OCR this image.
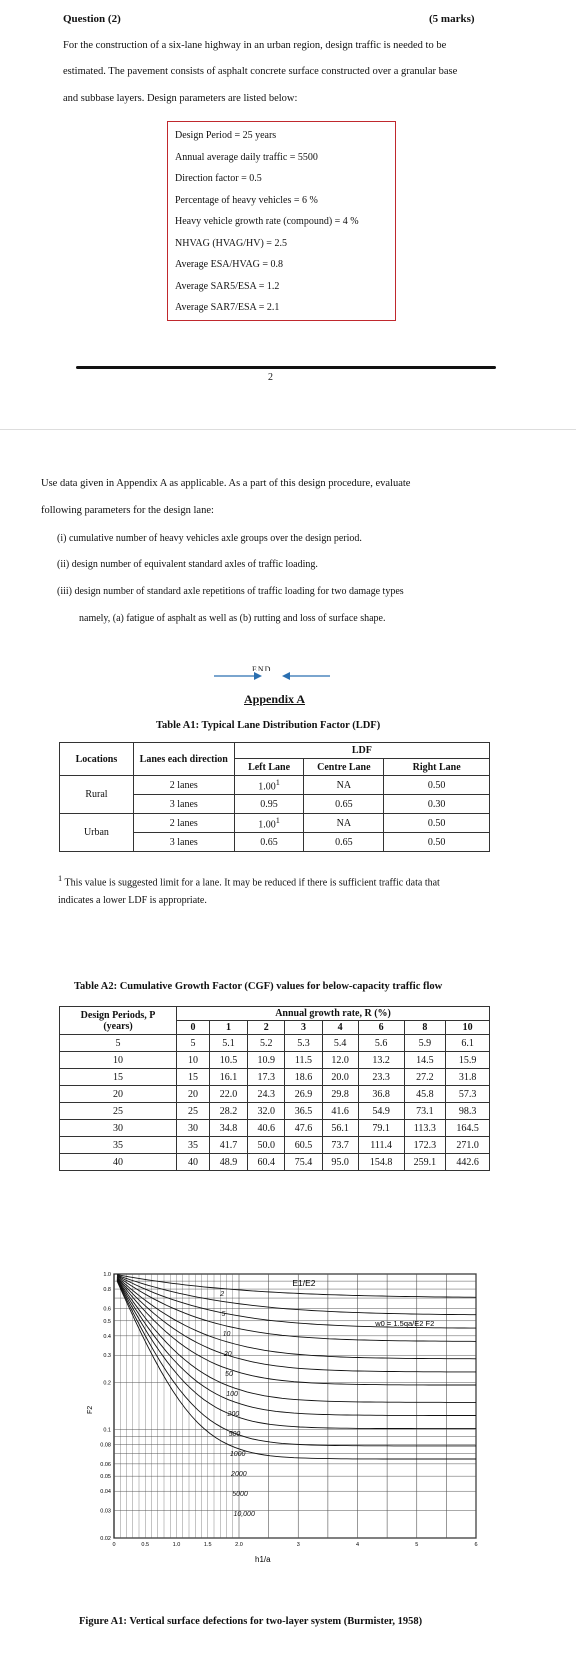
Question (2)	(5 marks)
For the construction of a six-lane highway in an urban region, design traffic is needed to be
estimated. The pavement consists of asphalt concrete surface constructed over a granular base
and subbase layers. Design parameters are listed below:
Design Period = 25 years
Annual average daily traffic = 5500
Direction factor = 0.5
Percentage of heavy vehicles = 6 %
Heavy vehicle growth rate (compound) = 4 %
NHVAG (HVAG/HV) = 2.5
Average ESA/HVAG = 0.8
Average SAR5/ESA = 1.2
Average SAR7/ESA = 2.1
2
Use data given in Appendix A as applicable. As a part of this design procedure, evaluate
following parameters for the design lane:
(i) cumulative number of heavy vehicles axle groups over the design period.
(ii) design number of equivalent standard axles of traffic loading.
(iii) design number of standard axle repetitions of traffic loading for two damage types
namely, (a) fatigue of asphalt as well as (b) rutting and loss of surface shape.
END
Appendix A
Table A1: Typical Lane Distribution Factor (LDF)
Locations	Lanes each direction	LDF		
		Left Lane	Centre Lane	Right Lane
Rural	2 lanes	1.00$^1$	NA	0.50
	3 lanes	0.95	0.65	0.30
Urban	2 lanes	1.00$^1$	NA	0.50
	3 lanes	0.65	0.65	0.50
$^1$ This value is suggested limit for a lane. It may be reduced if there is sufficient traffic data that
indicates a lower LDF is appropriate.
Table A2: Cumulative Growth Factor (CGF) values for below-capacity traffic flow
Design Periods, P
(years)	Annual growth rate, R (%)							
	0	1	2	3	4	6	8	10
5	5	5.1	5.2	5.3	5.4	5.6	5.9	6.1
10	10	10.5	10.9	11.5	12.0	13.2	14.5	15.9
15	15	16.1	17.3	18.6	20.0	23.3	27.2	31.8
20	20	22.0	24.3	26.9	29.8	36.8	45.8	57.3
25	25	28.2	32.0	36.5	41.6	54.9	73.1	98.3
30	30	34.8	40.6	47.6	56.1	79.1	113.3	164.5
35	35	41.7	50.0	60.5	73.7	111.4	172.3	271.0
40	40	48.9	60.4	75.4	95.0	154.8	259.1	442.6
1.0
0.8
0.6
0.5
0.4
0.3
0.2
0.1
0.08
0.06
0.05
0.04
0.03
0.02
0	0.5	1.0	1.5	2.0	3	4	5	6
2
5
10
20
50
100
200
500
1000
2000
5000
10,000
E1/E2
w0 = 1.5qa/E2 F2
F2
h1/a
Figure A1: Vertical surface defections for two-layer system (Burmister, 1958)
